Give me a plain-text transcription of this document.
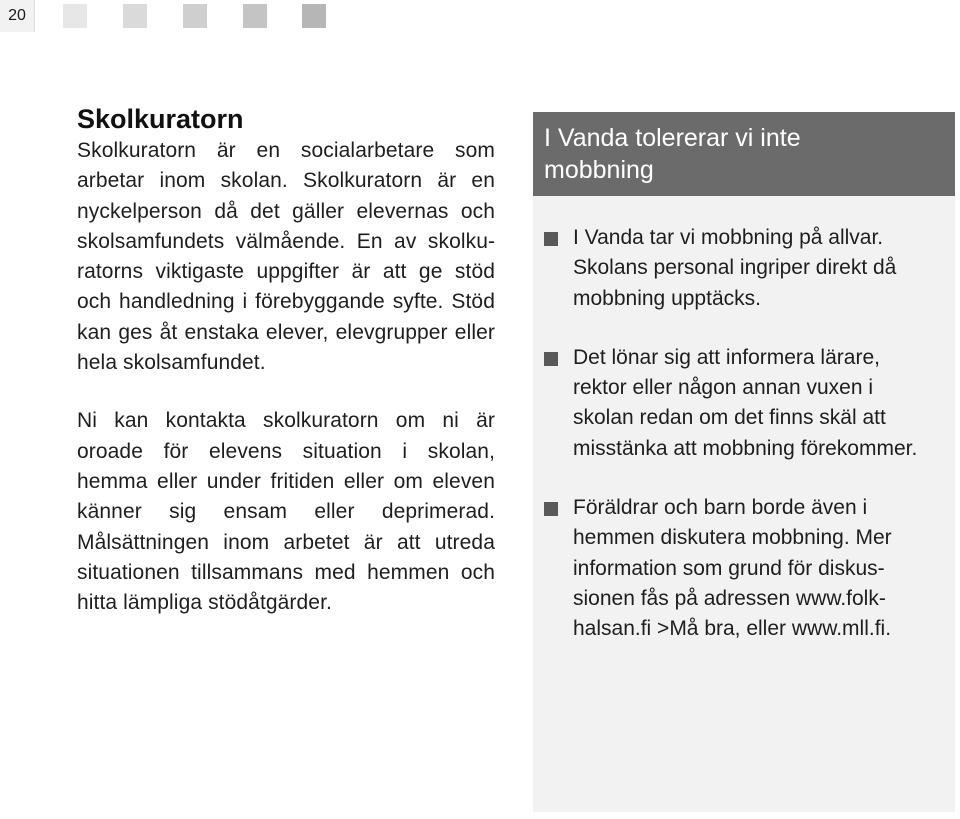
20
Skolkuratorn

Skolkuratorn är en socialarbetare som arbetar inom skolan. Skolkuratorn är en nyckelperson då det gäller elevernas och skolsamfundets välmående. En av skolkuratorns viktigaste uppgifter är att ge stöd och handledning i förebyggande syfte. Stöd kan ges åt enstaka elever, elevgrupper eller hela skolsamfundet.

Ni kan kontakta skolkuratorn om ni är oroade för elevens situation i skolan, hemma eller under fritiden eller om eleven känner sig ensam eller deprimerad. Målsättningen inom arbetet är att utreda situationen tillsammans med hemmen och hitta lämpliga stödåtgärder.

I Vanda tolererar vi inte mobbning
I Vanda tar vi mobbning på allvar. Skolans personal ingriper direkt då mobbning upptäcks.
Det lönar sig att informera lärare, rektor eller någon annan vuxen i skolan redan om det finns skäl att misstänka att mobbning förekommer.
Föräldrar och barn borde även i hemmen diskutera mobbning. Mer information som grund för diskussionen fås på adressen www.folkhalsan.fi >Må bra, eller www.mll.fi.
